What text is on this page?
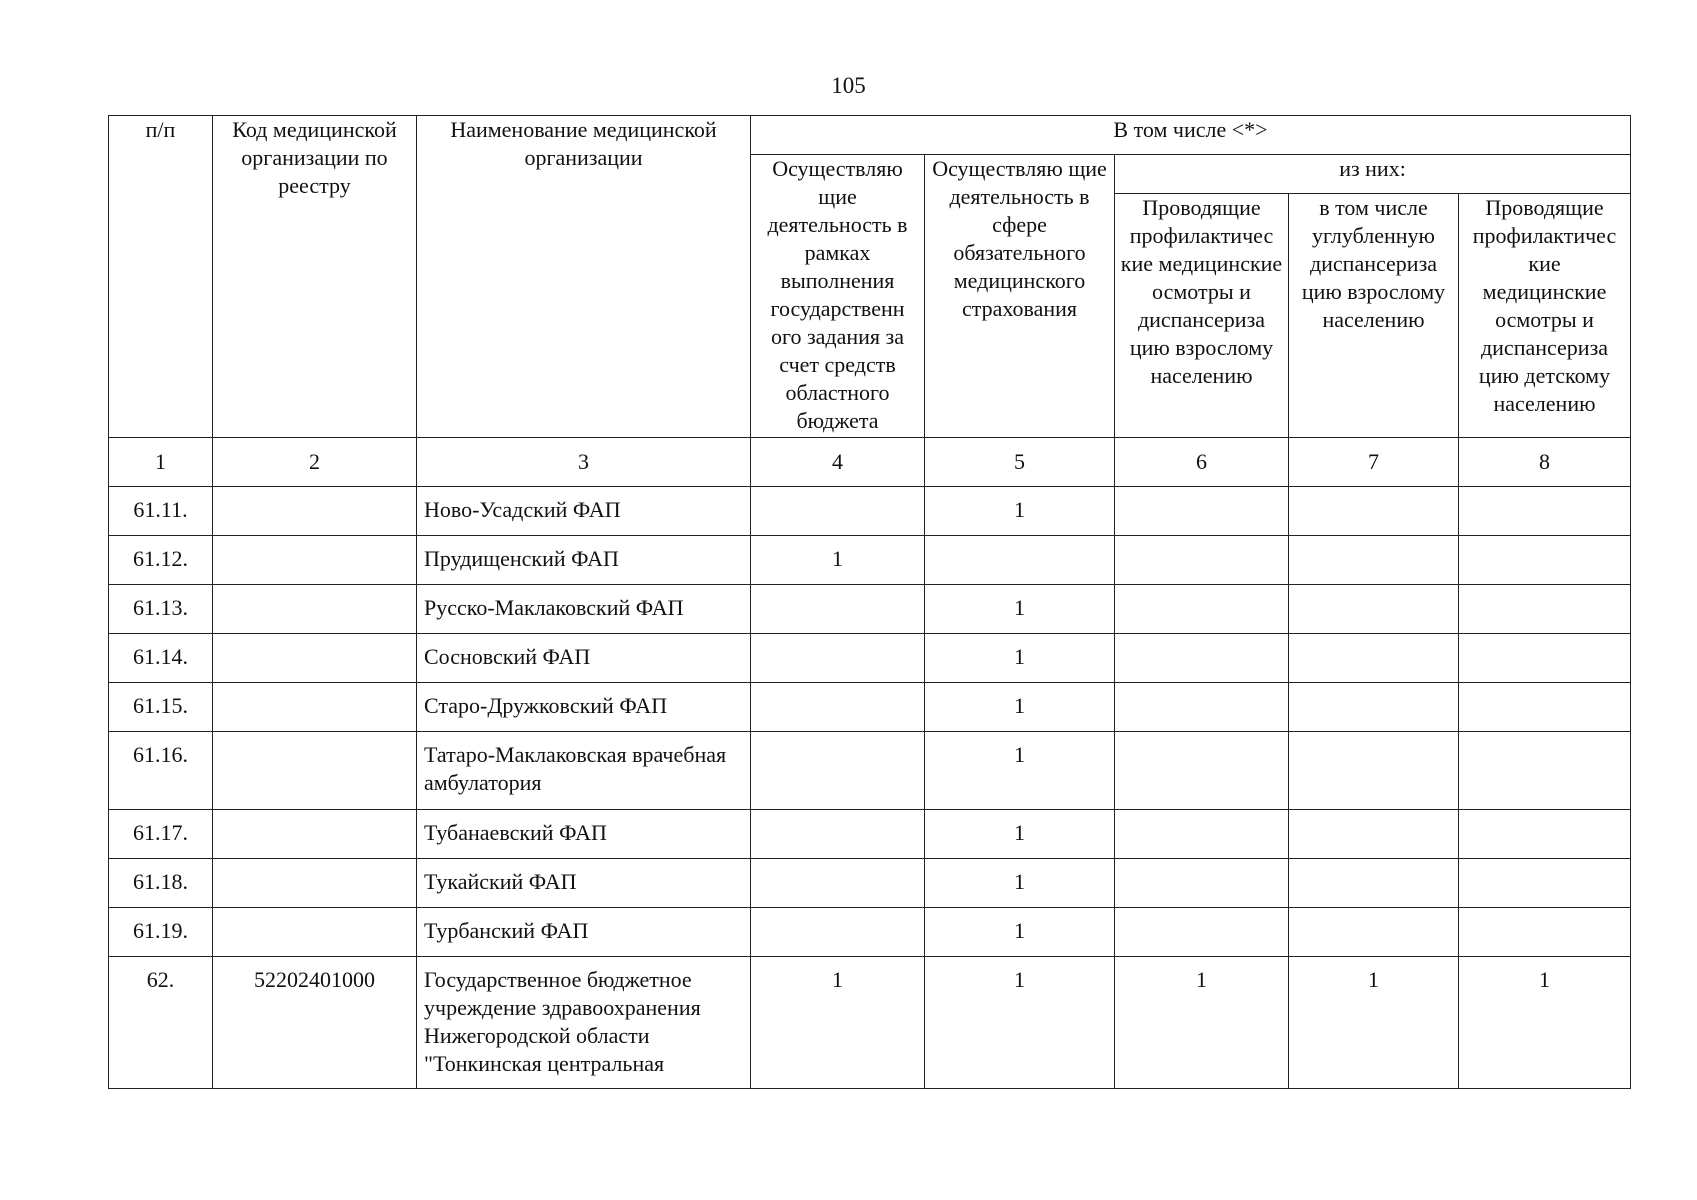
105
п/п	Код медицинской организации по реестру	Наименование медицинской организации	В том числе <*>				
			Осуществляю щие деятельность в рамках выполнения государственн ого задания за счет средств областного бюджета	Осуществляю щие деятельность в сфере обязательного медицинского страхования	из них:		
					Проводящие профилактичес кие медицинские осмотры и диспансериза цию взрослому населению	в том числе углубленную диспансериза цию взрослому населению	Проводящие профилактичес кие медицинские осмотры и диспансериза цию детскому населению
1	2	3	4	5	6	7	8
61.11.		Ново-Усадский ФАП		1			
61.12.		Прудищенский ФАП	1				
61.13.		Русско-Маклаковский ФАП		1			
61.14.		Сосновский ФАП		1			
61.15.		Старо-Дружковский ФАП		1			
61.16.		Татаро-Маклаковская врачебная амбулатория		1			
61.17.		Тубанаевский ФАП		1			
61.18.		Тукайский ФАП		1			
61.19.		Турбанский ФАП		1			
62.	52202401000	Государственное бюджетное учреждение здравоохранения Нижегородской области "Тонкинская центральная	1	1	1	1	1
